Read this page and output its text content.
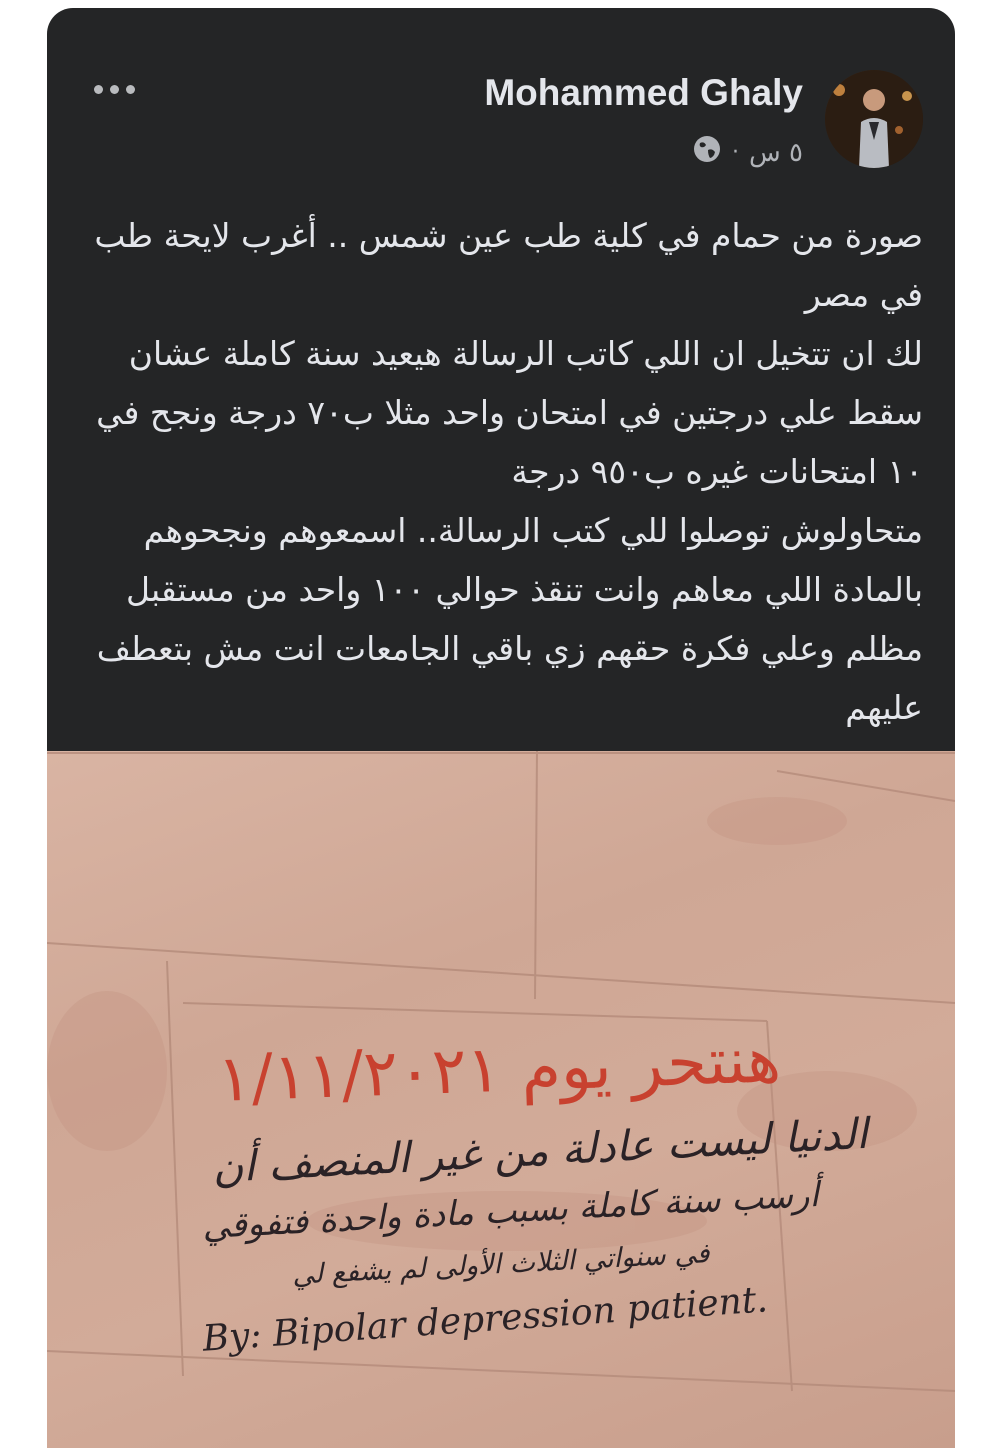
Mohammed Ghaly
· ٥ س

صورة من حمام في كلية طب عين شمس .. أغرب لايحة طب في مصر

لك ان تتخيل ان اللي كاتب الرسالة هيعيد سنة كاملة عشان سقط علي درجتين في امتحان واحد مثلا ب٧٠ درجة ونجح في ١٠ امتحانات غيره ب٩٥٠ درجة

متحاولوش توصلوا للي كتب الرسالة.. اسمعوهم ونجحوهم بالمادة اللي معاهم وانت تنقذ حوالي ١٠٠ واحد من مستقبل مظلم وعلي فكرة حقهم زي باقي الجامعات انت مش بتعطف عليهم

هنتحر يوم ١/١١/٢٠٢١
الدنيا ليست عادلة من غير المنصف أن
أرسب سنة كاملة بسبب مادة واحدة فتفوقي
في سنواتي الثلاث الأولى لم يشفع لي
By: Bipolar depression patient.
